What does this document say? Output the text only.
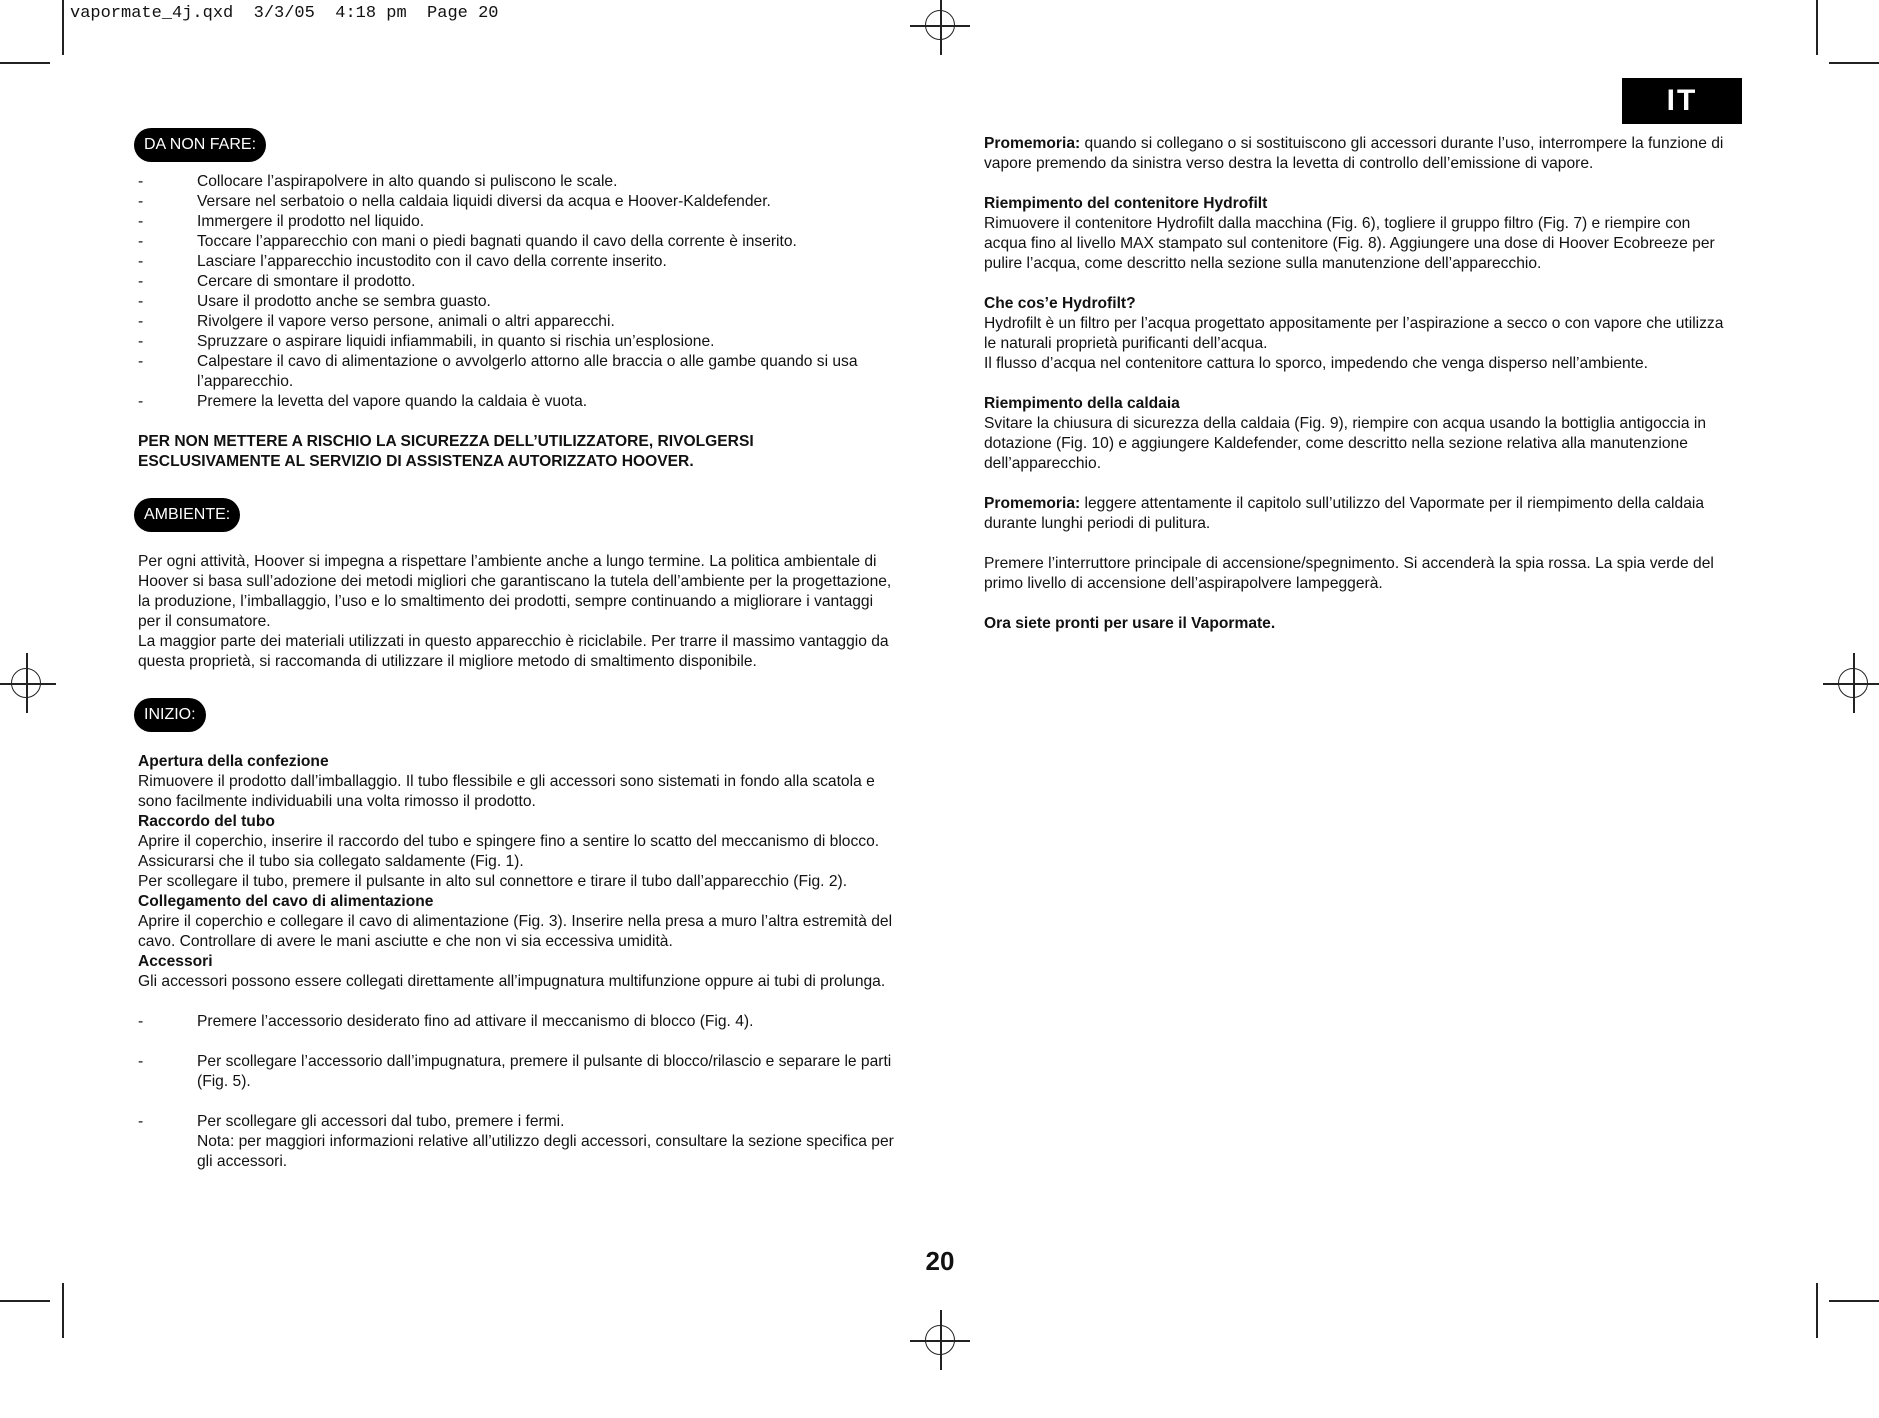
vapormate_4j.qxd  3/3/05  4:18 pm  Page 20
IT
DA NON FARE:
-	Collocare l’aspirapolvere in alto quando si puliscono le scale.
-	Versare nel serbatoio o nella caldaia liquidi diversi da acqua e Hoover-Kaldefender.
-	Immergere il prodotto nel liquido.
-	Toccare l’apparecchio con mani o piedi bagnati quando il cavo della corrente è inserito.
-	Lasciare l’apparecchio incustodito con il cavo della corrente inserito.
-	Cercare di smontare il prodotto.
-	Usare il prodotto anche se sembra guasto.
-	Rivolgere il vapore verso persone, animali o altri apparecchi.
-	Spruzzare o aspirare liquidi infiammabili, in quanto si rischia un’esplosione.
-	Calpestare il cavo di alimentazione o avvolgerlo attorno alle braccia o alle gambe quando si usa l’apparecchio.
-	Premere la levetta del vapore quando la caldaia è vuota.

PER NON METTERE A RISCHIO LA SICUREZZA DELL’UTILIZZATORE, RIVOLGERSI ESCLUSIVAMENTE AL SERVIZIO DI ASSISTENZA AUTORIZZATO HOOVER.

AMBIENTE:

Per ogni attività, Hoover si impegna a rispettare l’ambiente anche a lungo termine. La politica ambientale di Hoover si basa sull’adozione dei metodi migliori che garantiscano la tutela dell’ambiente per la progettazione, la produzione, l’imballaggio, l’uso e lo smaltimento dei prodotti, sempre continuando a migliorare i vantaggi per il consumatore.

La maggior parte dei materiali utilizzati in questo apparecchio è riciclabile. Per trarre il massimo vantaggio da questa proprietà, si raccomanda di utilizzare il migliore metodo di smaltimento disponibile.

INIZIO:

Apertura della confezione

Rimuovere il prodotto dall’imballaggio. Il tubo flessibile e gli accessori sono sistemati in fondo alla scatola e sono facilmente individuabili una volta rimosso il prodotto.

Raccordo del tubo

Aprire il coperchio, inserire il raccordo del tubo e spingere fino a sentire lo scatto del meccanismo di blocco. Assicurarsi che il tubo sia collegato saldamente (Fig. 1).

Per scollegare il tubo, premere il pulsante in alto sul connettore e tirare il tubo dall’apparecchio (Fig. 2).

Collegamento del cavo di alimentazione

Aprire il coperchio e collegare il cavo di alimentazione (Fig. 3). Inserire nella presa a muro l’altra estremità del cavo. Controllare di avere le mani asciutte e che non vi sia eccessiva umidità.

Accessori

Gli accessori possono essere collegati direttamente all’impugnatura multifunzione oppure ai tubi di prolunga.

-	Premere l’accessorio desiderato fino ad attivare il meccanismo di blocco (Fig. 4).
-	Per scollegare l’accessorio dall’impugnatura, premere il pulsante di blocco/rilascio e separare le parti (Fig. 5).
-	Per scollegare gli accessori dal tubo, premere i fermi.
Nota: per maggiori informazioni relative all’utilizzo degli accessori, consultare la sezione specifica per gli accessori.

Promemoria: quando si collegano o si sostituiscono gli accessori durante l’uso, interrompere la funzione di vapore premendo da sinistra verso destra la levetta di controllo dell’emissione di vapore.

Riempimento del contenitore Hydrofilt

Rimuovere il contenitore Hydrofilt dalla macchina (Fig. 6), togliere il gruppo filtro (Fig. 7) e riempire con acqua fino al livello MAX stampato sul contenitore (Fig. 8). Aggiungere una dose di Hoover Ecobreeze per pulire l’acqua, come descritto nella sezione sulla manutenzione dell’apparecchio.

Che cos’e Hydrofilt?

Hydrofilt è un filtro per l’acqua progettato appositamente per l’aspirazione a secco o con vapore che utilizza le naturali proprietà purificanti dell’acqua.

Il flusso d’acqua nel contenitore cattura lo sporco, impedendo che venga disperso nell’ambiente.

Riempimento della caldaia

Svitare la chiusura di sicurezza della caldaia (Fig. 9), riempire con acqua usando la bottiglia antigoccia in dotazione (Fig. 10) e aggiungere Kaldefender, come descritto nella sezione relativa alla manutenzione dell’apparecchio.

Promemoria: leggere attentamente il capitolo sull’utilizzo del Vapormate per il riempimento della caldaia durante lunghi periodi di pulitura.

Premere l’interruttore principale di accensione/spegnimento. Si accenderà la spia rossa. La spia verde del primo livello di accensione dell’aspirapolvere lampeggerà.

Ora siete pronti per usare il Vapormate.

20
